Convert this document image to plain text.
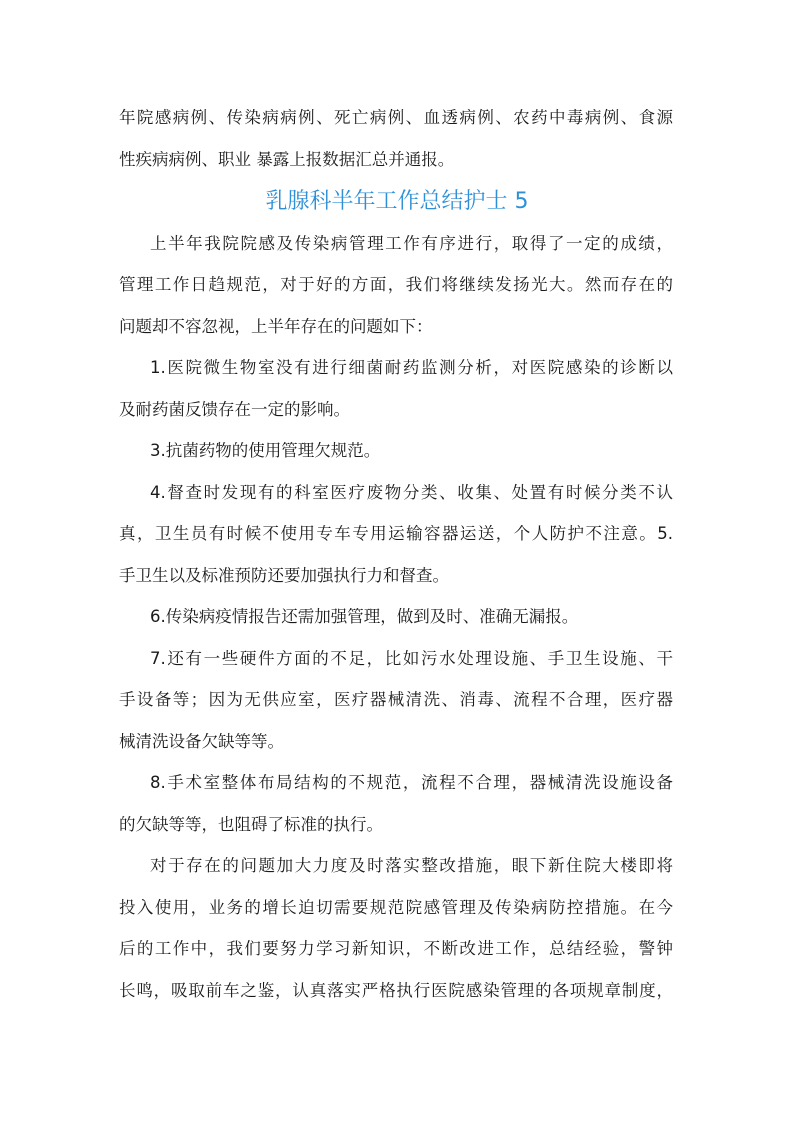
年院感病例、传染病病例、死亡病例、血透病例、农药中毒病例、食源
性疾病病例、职业 暴露上报数据汇总并通报。
乳腺科半年工作总结护士 5
上半年我院院感及传染病管理工作有序进行，取得了一定的成绩，
管理工作日趋规范，对于好的方面，我们将继续发扬光大。然而存在的
问题却不容忽视，上半年存在的问题如下：
1.医院微生物室没有进行细菌耐药监测分析，对医院感染的诊断以
及耐药菌反馈存在一定的影响。
3.抗菌药物的使用管理欠规范。
4.督查时发现有的科室医疗废物分类、收集、处置有时候分类不认
真，卫生员有时候不使用专车专用运输容器运送，个人防护不注意。5.
手卫生以及标准预防还要加强执行力和督查。
6.传染病疫情报告还需加强管理，做到及时、准确无漏报。
7.还有一些硬件方面的不足，比如污水处理设施、手卫生设施、干
手设备等；因为无供应室，医疗器械清洗、消毒、流程不合理，医疗器
械清洗设备欠缺等等。
8.手术室整体布局结构的不规范，流程不合理，器械清洗设施设备
的欠缺等等，也阻碍了标准的执行。
对于存在的问题加大力度及时落实整改措施，眼下新住院大楼即将
投入使用，业务的增长迫切需要规范院感管理及传染病防控措施。在今
后的工作中，我们要努力学习新知识，不断改进工作，总结经验，警钟
长鸣，吸取前车之鉴，认真落实严格执行医院感染管理的各项规章制度，
